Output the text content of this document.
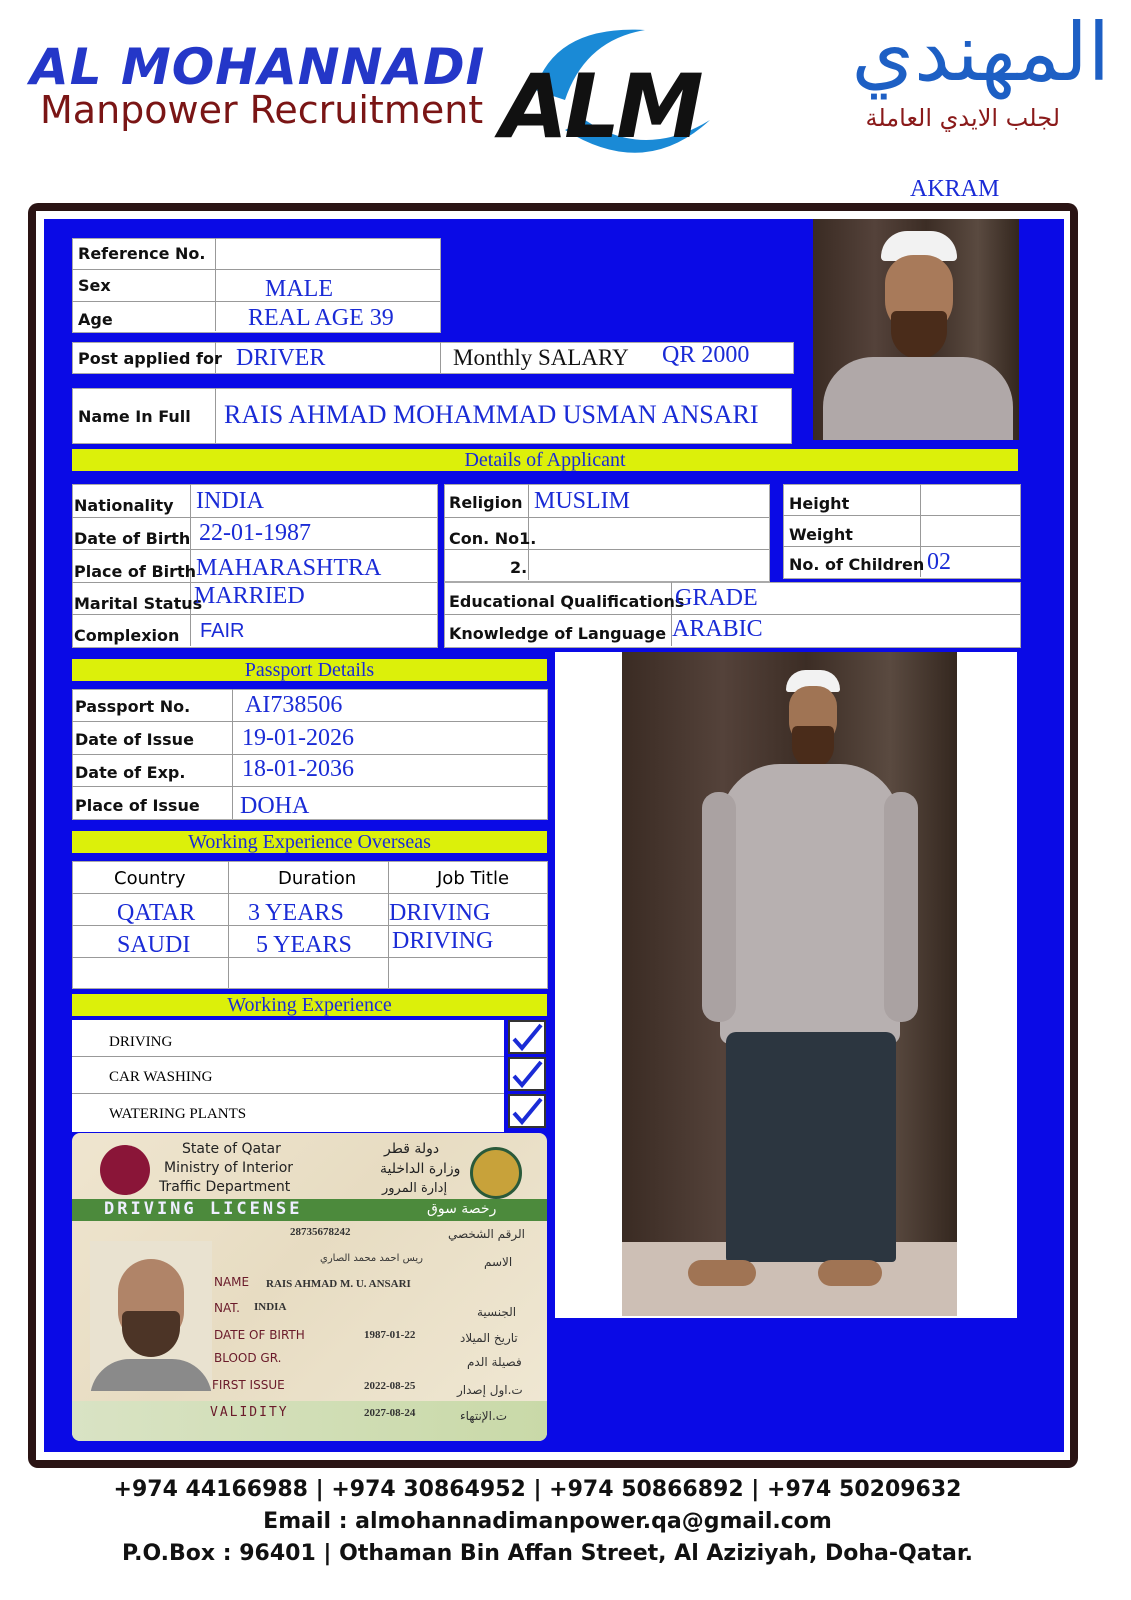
AL MOHANNADI
Manpower Recruitment ALM
المهندي
لجلب الايدي العاملة
AKRAM
Reference No.
Sex	MALE
Age	REAL AGE 39
Post applied for DRIVER	Monthly SALARY QR 2000
Name In Full RAIS AHMAD MOHAMMAD USMAN ANSARI
Details of Applicant
Nationality INDIA
Date of Birth 22-01-1987
Place of Birth MAHARASHTRA
Marital Status
MARRIED
Complexion FAIR
Religion MUSLIM
Con. No1.
2.
Height
Weight
No. of Children 02
Educational Qualifications
GRADE
Knowledge of Language ARABIC
Passport Details
Passport No. AI738506
Date of Issue 19-01-2026
Date of Exp. 18-01-2036
Place of Issue DOHA
Working Experience Overseas
Country	Duration	Job Title
QATAR 3 YEARS DRIVING
SAUDI	5 YEARS DRIVING
Working Experience
DRIVING
CAR WASHING
WATERING PLANTS
State of Qatar
Ministry of Interior
Traffic Department
دولة قطر
وزارة الداخلية
إدارة المرور
DRIVING LICENSE	رخصة سوق
28735678242	الرقم الشخصي
ريس احمد محمد الصاري	الاسم
NAME RAIS AHMAD M. U. ANSARI
NAT. INDIA	الجنسية
DATE OF BIRTH	1987-01-22	تاريخ الميلاد
BLOOD GR.	فصيلة الدم
FIRST ISSUE	2022-08-25	ت.اول إصدار
VALIDITY	2027-08-24	ت.الإنتهاء
+974 44166988 | +974 30864952 | +974 50866892 | +974 50209632
Email : almohannadimanpower.qa@gmail.com
P.O.Box : 96401 | Othaman Bin Affan Street, Al Aziziyah, Doha-Qatar.
